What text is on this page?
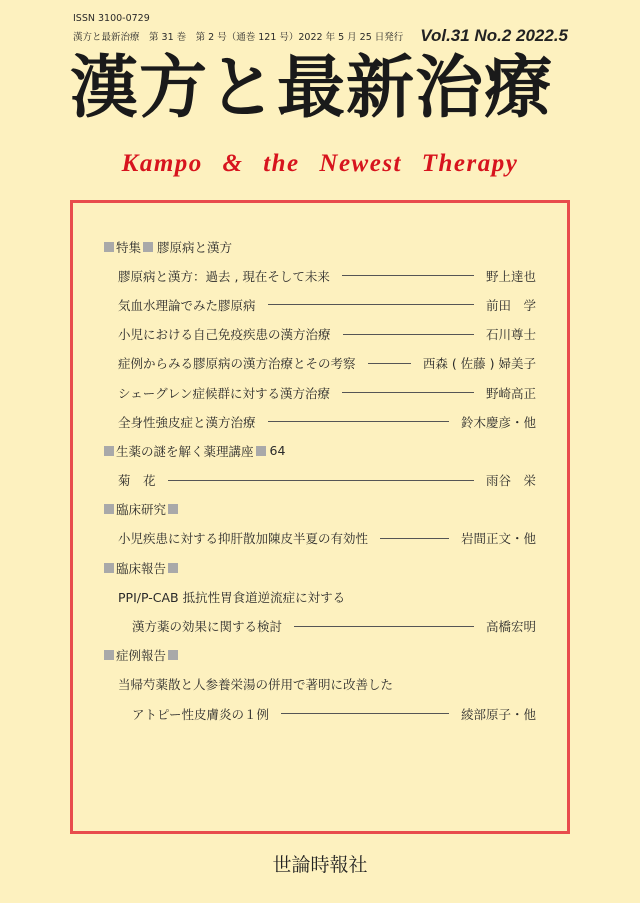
ISSN 3100-0729
漢方と最新治療　第 31 巻　第 2 号（通巻 121 号）2022 年 5 月 25 日発行 Vol.31 No.2 2022.5
漢方と最新治療
Kampo & the Newest Therapy
特集 膠原病と漢方
膠原病と漢方：過去 , 現在そして未来	野上達也
気血水理論でみた膠原病	前田　学
小児における自己免疫疾患の漢方治療	石川尊士
症例からみる膠原病の漢方治療とその考察	西森 ( 佐藤 ) 婦美子
シェーグレン症候群に対する漢方治療	野崎高正
全身性強皮症と漢方治療	鈴木慶彦・他
生薬の謎を解く薬理講座 64
菊　花	雨谷　栄
臨床研究
小児疾患に対する抑肝散加陳皮半夏の有効性	岩間正文・他
臨床報告
PPI/P-CAB 抵抗性胃食道逆流症に対する
漢方薬の効果に関する検討	高橋宏明
症例報告
当帰芍薬散と人参養栄湯の併用で著明に改善した
アトピー性皮膚炎の１例	綾部原子・他
世論時報社
